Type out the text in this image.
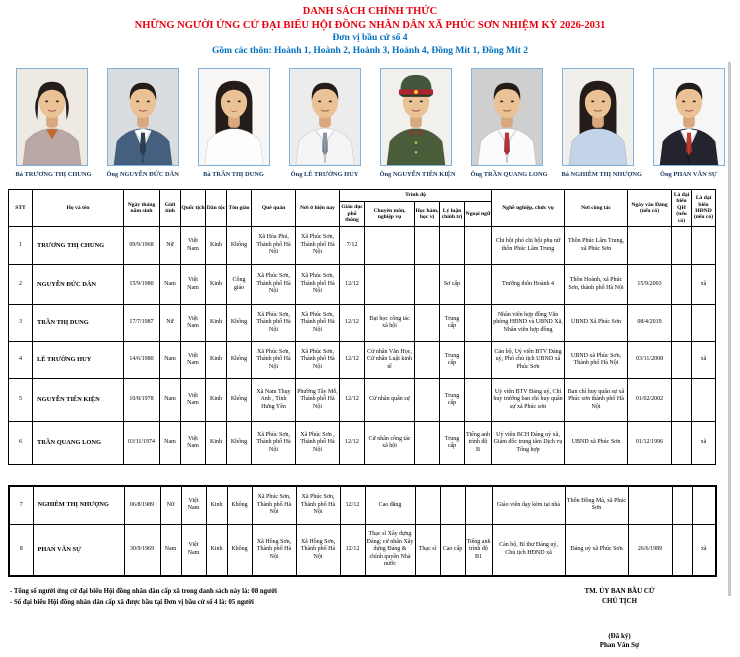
DANH SÁCH CHÍNH THỨC
NHỮNG NGƯỜI ỨNG CỬ ĐẠI BIỂU HỘI ĐỒNG NHÂN DÂN XÃ PHÚC SƠN NHIỆM KỲ 2026-2031
Đơn vị bầu cử số 4
Gồm các thôn: Hoành 1, Hoành 2, Hoành 3, Hoành 4, Đồng Mít 1, Đồng Mít 2
Bà TRƯƠNG THỊ CHUNG Ông NGUYỄN ĐỨC DÂN	Bà TRẦN THỊ DUNG	Ông LÊ TRƯỜNG HUY	Ông NGUYỄN TIẾN KIỆN Ông TRẦN QUANG LONG Bà NGHIÊM THỊ NHƯỢNG	Ông PHAN VĂN SỰ
STT	Họ và tên	Ngày tháng năm sinh	Giới tính	Quốc tịch	Dân tộc	Tôn giáo	Quê quán	Nơi ở hiện nay	Trình độ					Nghề nghiệp, chức vụ	Nơi công tác	Ngày vào Đảng (nếu có)	Là đại biểu QH (nếu có)	Là đại biểu HĐND (nếu có)
									Giáo dục phổ thông	Chuyên môn, nghiệp vụ	Học hàm, học vị	Lý luận chính trị	Ngoại ngữ					
1	TRƯƠNG THỊ CHUNG	09/9/1968	Nữ	Việt Nam	Kinh	Không	Xã Hòa Phú, Thành phố Hà Nội	Xã Phúc Sơn, Thành phố Hà Nội	7/12					Chi hội phó chi hội phụ nữ thôn Phúc Lâm Trung	Thôn Phúc Lâm Trung, xã Phúc Sơn			
2	NGUYỄN ĐỨC DÂN	15/9/1980	Nam	Việt Nam	Kinh	Công giáo	Xã Phúc Sơn, Thành phố Hà Nội	Xã Phúc Sơn, Thành phố Hà Nội	12/12			Sơ cấp		Trưởng thôn Hoành 4	Thôn Hoành, xã Phúc Sơn, thành phố Hà Nội	15/9/2003		xã
3	TRẦN THỊ DUNG	17/7/1987	Nữ	Việt Nam	Kinh	Không	Xã Phúc Sơn, Thành phố Hà Nội	Xã Phúc Sơn, Thành phố Hà Nội	12/12	Đại học công tác xã hội		Trung cấp		Nhân viên hợp đồng Văn phòng HĐND và UBND Xã, Nhân viên hợp đồng	UBND Xã Phúc Sơn	08/4/2019		
4	LÊ TRƯỜNG HUY	14/6/1980	Nam	Việt Nam	Kinh	Không	Xã Phúc Sơn, Thành phố Hà Nội	Xã Phúc Sơn, Thành phố Hà Nội	12/12	Cử nhân Văn Học, Cử nhân Luật kinh tế		Trung cấp		Cán bộ, Uỷ viên BTV Đảng uỷ, Phó chủ tịch UBND xã Phúc Sơn	UBND xã Phúc Sơn, Thành phố Hà Nội	03/11/2008		xã
5	NGUYỄN TIẾN KIỆN	10/8/1978	Nam	Việt Nam	Kinh	Không	Xã Nam Thụy Anh , Tỉnh Hưng Yên	Phường Tây Mỗ, Thành phố Hà Nội	12/12	Cử nhân quân sự		Trung cấp		Uỷ viên BTV Đảng uỷ, Chỉ huy trưởng ban chỉ huy quân sự xã Phúc sơn	Ban chỉ huy quân sự xã Phúc sơn thành phố Hà Nội	01/02/2002		
6	TRẦN QUANG LONG	03/11/1974	Nam	Việt Nam	Kinh	Không	Xã Phúc Sơn, Thành phố Hà Nội	Xã Phúc Sơn , Thành phố Hà Nội	12/12	Cử nhân công tác xã hội		Trung cấp	Tiếng anh trình độ B	Uỷ viên BCH Đảng uỷ xã, Giám đốc trung tâm Dịch vụ Tổng hợp	UBND xã Phúc Sơn	01/12/1996		xã
7	NGHIÊM THỊ NHƯỢNG	06/8/1989	Nữ	Việt Nam	Kinh	Không	Xã Phúc Sơn, Thành phố Hà Nội	Xã Phúc Sơn, Thành phố Hà Nội	12/12	Cao đẳng				Giáo viên dạy kèm tại nhà	Thôn Đồng Mả, xã Phúc Sơn			
8	PHAN VĂN SỰ	30/9/1969	Nam	Việt Nam	Kinh	Không	Xã Hồng Sơn, Thành phố Hà Nội	Xã Hồng Sơn, Thành phố Hà Nội	12/12	Thạc sĩ Xây dựng Đảng; cử nhân Xây dựng Đảng & chính quyền Nhà nước	Thạc sĩ	Cao cấp	Tiếng anh trình độ B1	Cán bộ, Bí thư Đảng uỷ, Chủ tịch HĐND xã	Đảng uỷ xã Phúc Sơn	26/6/1989		xã
- Tổng số người ứng cử đại biểu Hội đồng nhân dân cấp xã trong danh sách này là: 08 người
- Số đại biểu Hội đồng nhân dân cấp xã được bầu tại Đơn vị bầu cử số 4 là: 05 người
TM. ỦY BAN BẦU CỬ
CHỦ TỊCH
(Đã ký)
Phan Văn Sự
